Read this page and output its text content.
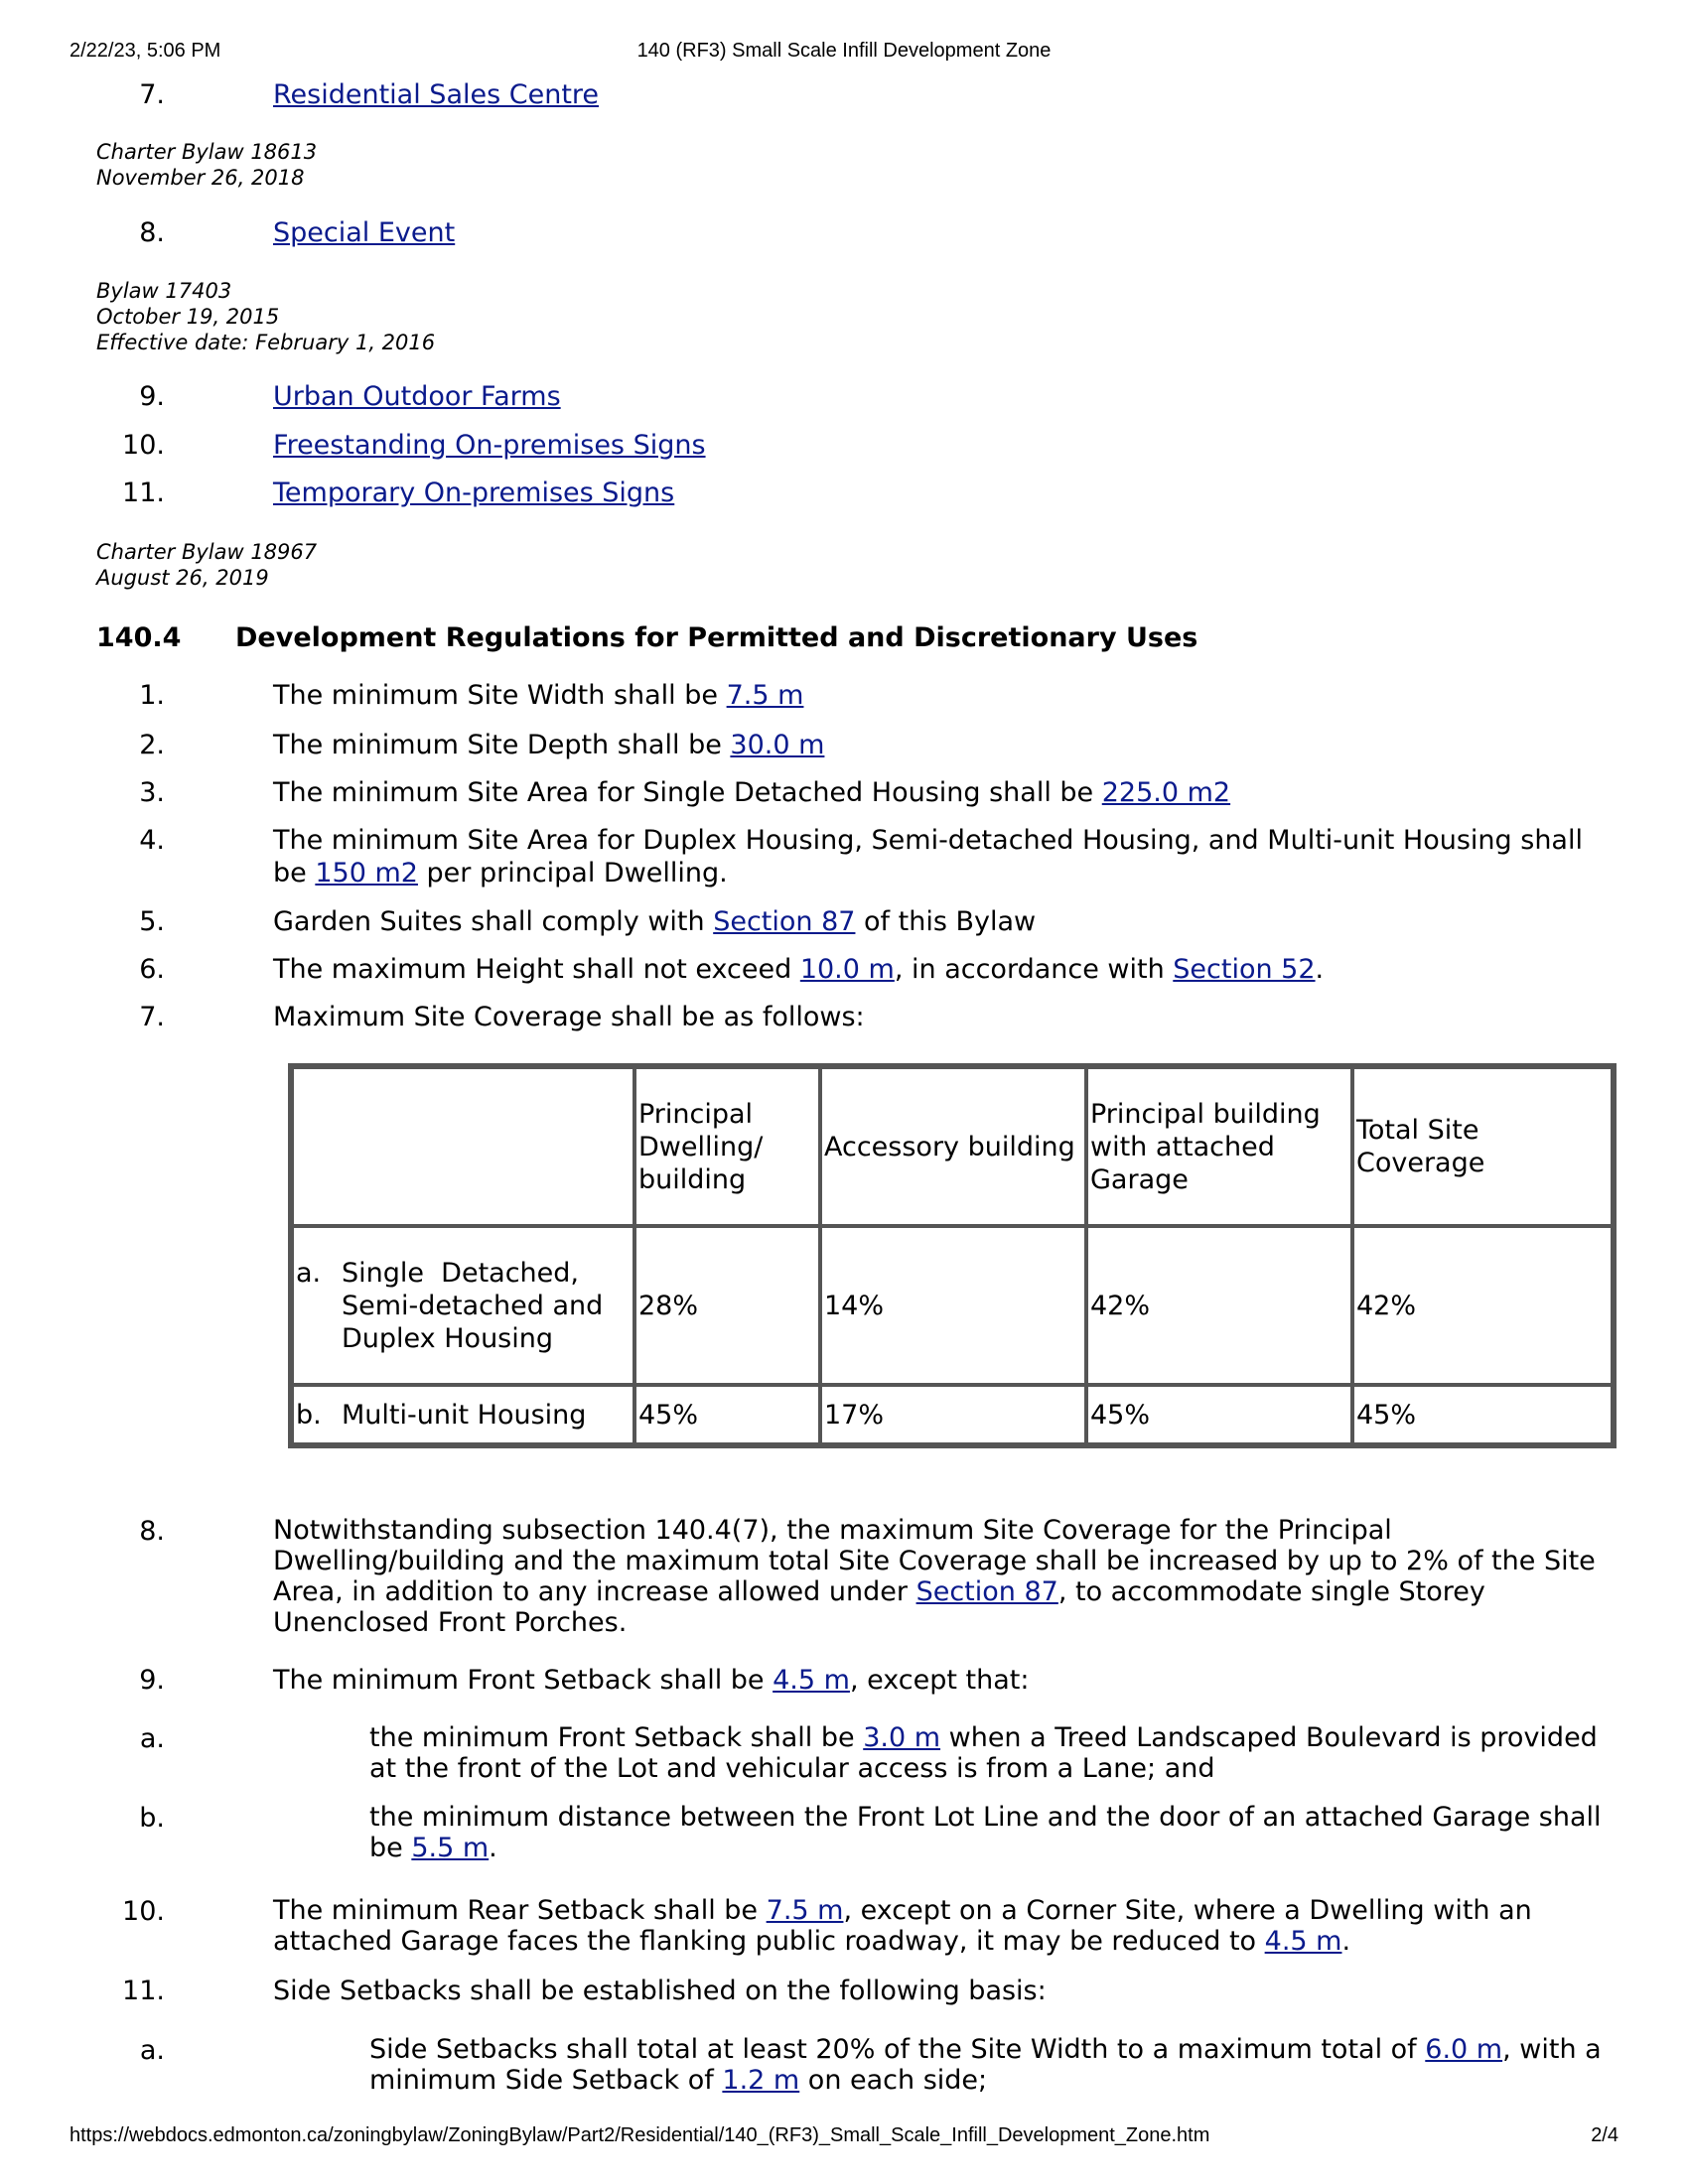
2/22/23, 5:06 PM	140 (RF3) Small Scale Infill Development Zone
7.	Residential Sales Centre
Charter Bylaw 18613
November 26, 2018
8.	Special Event
Bylaw 17403
October 19, 2015
Effective date: February 1, 2016
9.	Urban Outdoor Farms
10.	Freestanding On-premises Signs
11.	Temporary On-premises Signs
Charter Bylaw 18967
August 26, 2019
140.4 Development Regulations for Permitted and Discretionary Uses
1.	The minimum Site Width shall be 7.5 m
2.	The minimum Site Depth shall be 30.0 m
3.	The minimum Site Area for Single Detached Housing shall be 225.0 m2
4.	The minimum Site Area for Duplex Housing, Semi-detached Housing, and Multi-unit Housing shall be 150 m2 per principal Dwelling.
5.	Garden Suites shall comply with Section 87 of this Bylaw
6.	The maximum Height shall not exceed 10.0 m, in accordance with Section 52.
7.	Maximum Site Coverage shall be as follows:
	Principal Dwelling/ building	Accessory building	Principal building with attached Garage	Total Site Coverage

a. Single  Detached, Semi-detached and Duplex Housing	28%	14%	42%	42%

b. Multi-unit Housing	45%	17%	45%	45%
8.	Notwithstanding subsection 140.4(7), the maximum Site Coverage for the Principal Dwelling/building and the maximum total Site Coverage shall be increased by up to 2% of the Site Area, in addition to any increase allowed under Section 87, to accommodate single Storey Unenclosed Front Porches.
9.	The minimum Front Setback shall be 4.5 m, except that:
a.	the minimum Front Setback shall be 3.0 m when a Treed Landscaped Boulevard is provided at the front of the Lot and vehicular access is from a Lane; and
b.	the minimum distance between the Front Lot Line and the door of an attached Garage shall be 5.5 m.
10.	The minimum Rear Setback shall be 7.5 m, except on a Corner Site, where a Dwelling with an attached Garage faces the flanking public roadway, it may be reduced to 4.5 m.
11.	Side Setbacks shall be established on the following basis:
a.	Side Setbacks shall total at least 20% of the Site Width to a maximum total of 6.0 m, with a minimum Side Setback of 1.2 m on each side;
https://webdocs.edmonton.ca/zoningbylaw/ZoningBylaw/Part2/Residential/140_(RF3)_Small_Scale_Infill_Development_Zone.htm	2/4
